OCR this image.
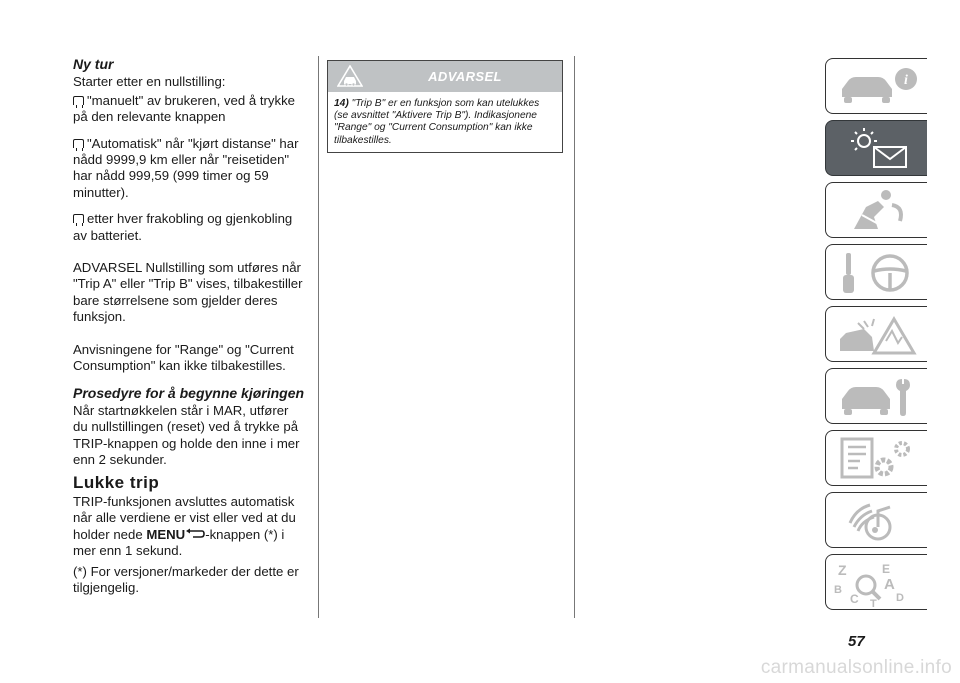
Ny tur

Starter etter en nullstilling:

"manuelt" av brukeren, ved å trykke på den relevante knappen

"Automatisk" når "kjørt distanse" har nådd 9999,9 km eller når "reisetiden" har nådd 999,59 (999 timer og 59 minutter).

etter hver frakobling og gjenkobling av batteriet.

ADVARSEL Nullstilling som utføres når "Trip A" eller "Trip B" vises, tilbakestiller bare størrelsene som gjelder deres funksjon.

Anvisningene for "Range" og "Current Consumption" kan ikke tilbakestilles.

Prosedyre for å begynne kjøringen

Når startnøkkelen står i MAR, utfører du nullstillingen (reset) ved å trykke på TRIP-knappen og holde den inne i mer enn 2 sekunder.

Lukke trip

TRIP-funksjonen avsluttes automatisk når alle verdiene er vist eller ved at du holder nede MENU -knappen (*) i mer enn 1 sekund.

(*) For versjoner/markeder der dette er tilgjengelig.

ADVARSEL
14) "Trip B" er en funksjon som kan utelukkes (se avsnittet "Aktivere Trip B"). Indikasjonene "Range" og "Current Consumption" kan ikke tilbakestilles.
i
Z	E
B	A
C	D
T
57
carmanualsonline.info
